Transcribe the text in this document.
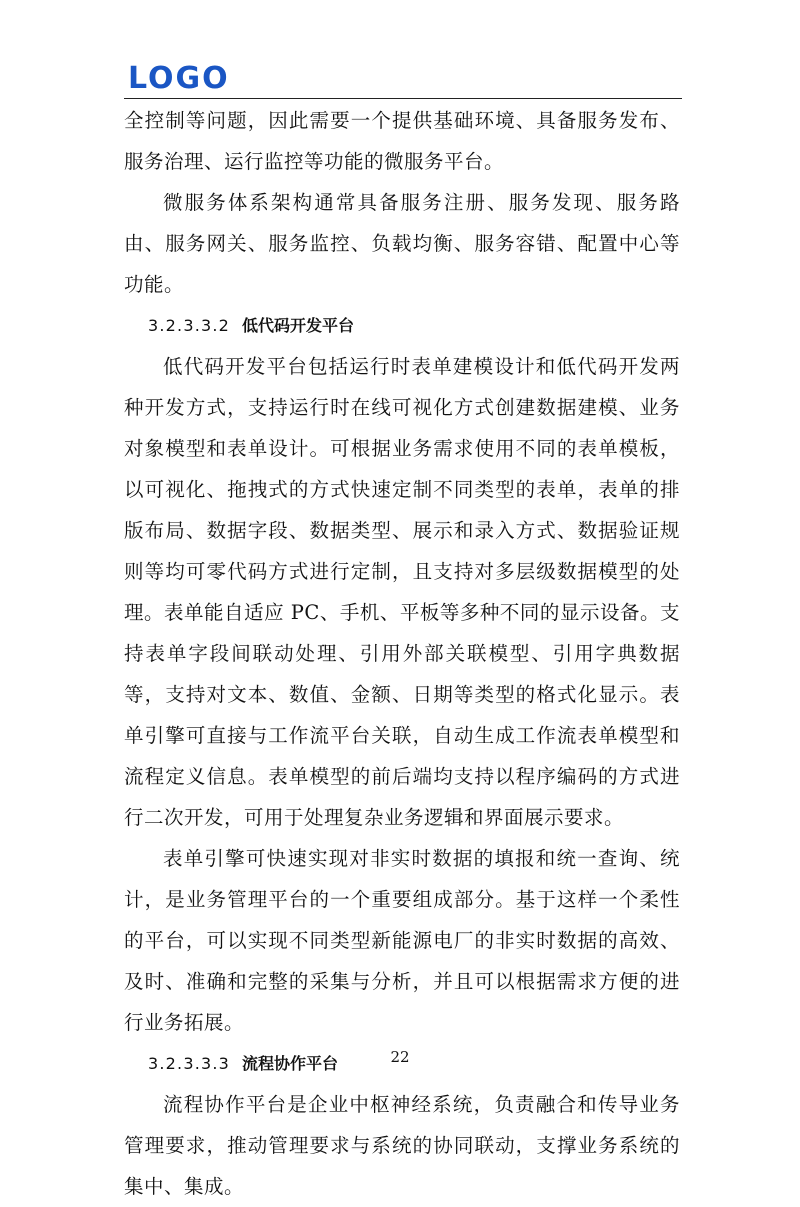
LOGO

全控制等问题，因此需要一个提供基础环境、具备服务发布、服务治理、运行监控等功能的微服务平台。

微服务体系架构通常具备服务注册、服务发现、服务路由、服务网关、服务监控、负载均衡、服务容错、配置中心等功能。

3.2.3.3.2 低代码开发平台

低代码开发平台包括运行时表单建模设计和低代码开发两种开发方式，支持运行时在线可视化方式创建数据建模、业务对象模型和表单设计。可根据业务需求使用不同的表单模板，以可视化、拖拽式的方式快速定制不同类型的表单，表单的排版布局、数据字段、数据类型、展示和录入方式、数据验证规则等均可零代码方式进行定制，且支持对多层级数据模型的处理。表单能自适应 PC、手机、平板等多种不同的显示设备。支持表单字段间联动处理、引用外部关联模型、引用字典数据等，支持对文本、数值、金额、日期等类型的格式化显示。表单引擎可直接与工作流平台关联，自动生成工作流表单模型和流程定义信息。表单模型的前后端均支持以程序编码的方式进行二次开发，可用于处理复杂业务逻辑和界面展示要求。

表单引擎可快速实现对非实时数据的填报和统一查询、统计，是业务管理平台的一个重要组成部分。基于这样一个柔性的平台，可以实现不同类型新能源电厂的非实时数据的高效、及时、准确和完整的采集与分析，并且可以根据需求方便的进行业务拓展。

3.2.3.3.3 流程协作平台

流程协作平台是企业中枢神经系统，负责融合和传导业务管理要求，推动管理要求与系统的协同联动，支撑业务系统的集中、集成。

22
